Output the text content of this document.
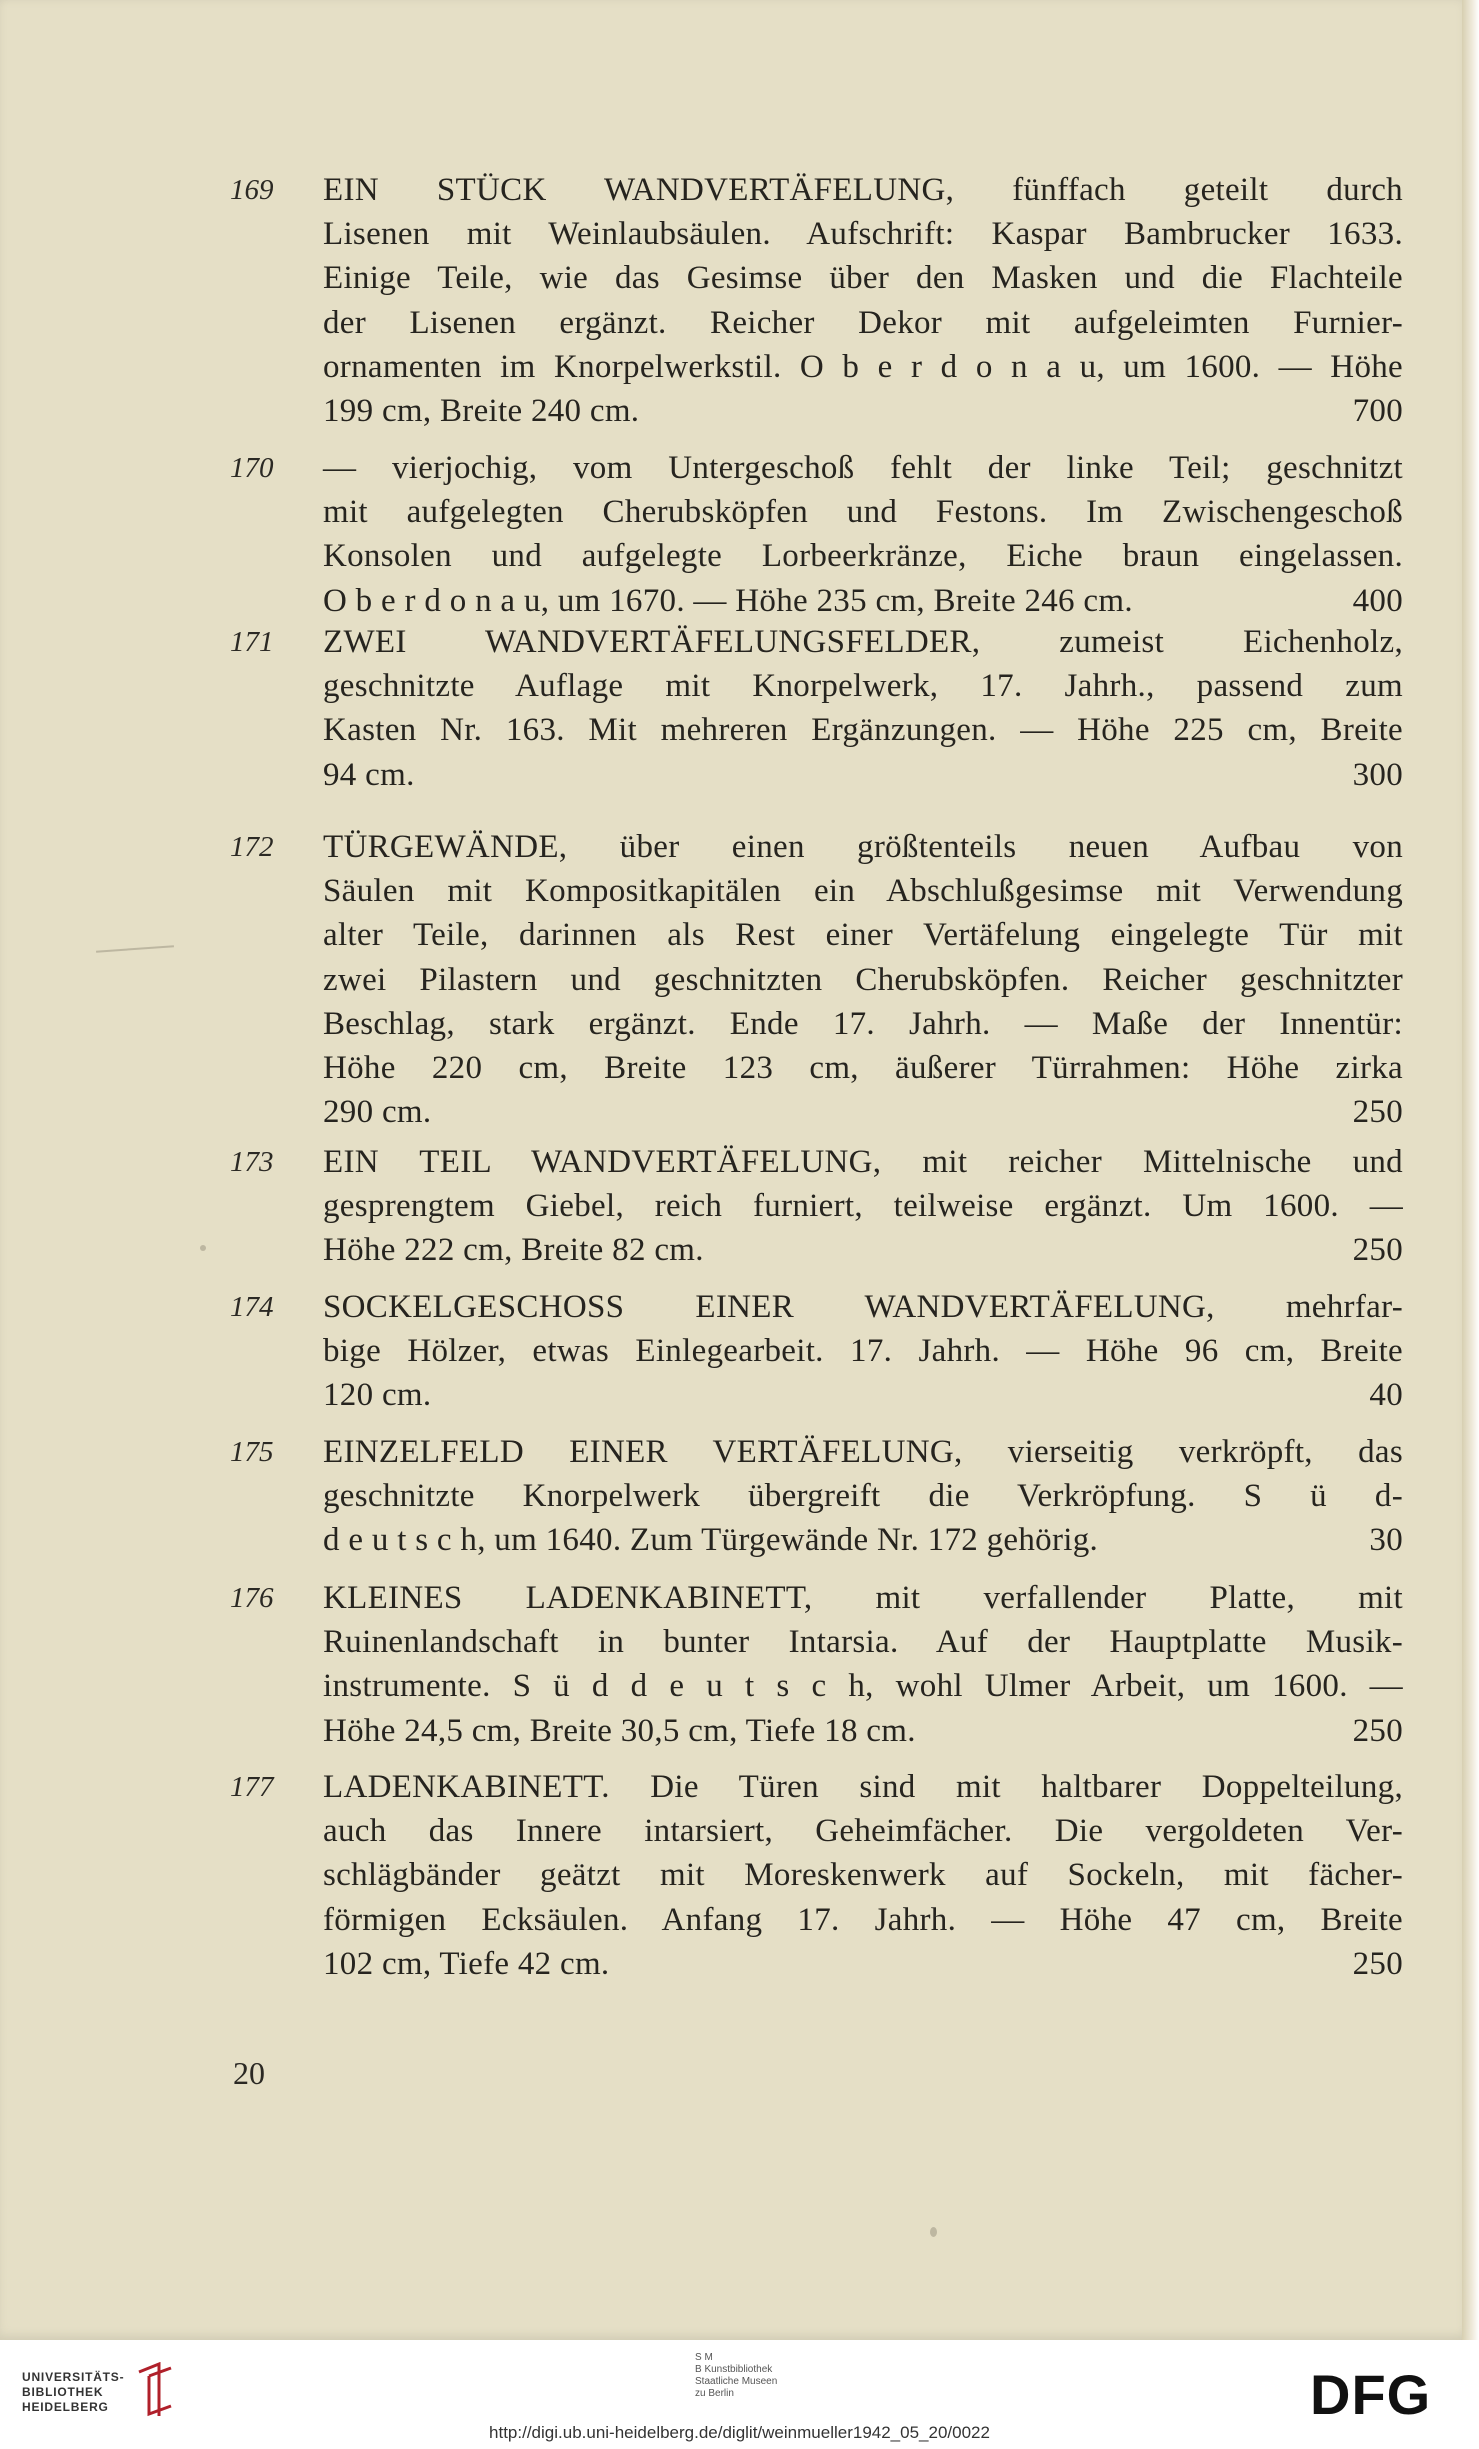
169 EIN STÜCK WANDVERTÄFELUNG, fünffach geteilt durch
Lisenen mit Weinlaubsäulen. Aufschrift: Kaspar Bambrucker 1633.
Einige Teile, wie das Gesimse über den Masken und die Flachteile
der Lisenen ergänzt. Reicher Dekor mit aufgeleimten Furnier-
ornamenten im Knorpelwerkstil. O b e r d o n a u, um 1600. — Höhe
199 cm, Breite 240 cm.	700
170 — vierjochig, vom Untergeschoß fehlt der linke Teil; geschnitzt
mit aufgelegten Cherubsköpfen und Festons. Im Zwischengeschoß
Konsolen und aufgelegte Lorbeerkränze, Eiche braun eingelassen.
O b e r d o n a u, um 1670. — Höhe 235 cm, Breite 246 cm.	400
171 ZWEI WANDVERTÄFELUNGSFELDER, zumeist Eichenholz,
geschnitzte Auflage mit Knorpelwerk, 17. Jahrh., passend zum
Kasten Nr. 163. Mit mehreren Ergänzungen. — Höhe 225 cm, Breite
94 cm.	300
172 TÜRGEWÄNDE, über einen größtenteils neuen Aufbau von
Säulen mit Kompositkapitälen ein Abschlußgesimse mit Verwendung
alter Teile, darinnen als Rest einer Vertäfelung eingelegte Tür mit
zwei Pilastern und geschnitzten Cherubsköpfen. Reicher geschnitzter
Beschlag, stark ergänzt. Ende 17. Jahrh. — Maße der Innentür:
Höhe 220 cm, Breite 123 cm, äußerer Türrahmen: Höhe zirka
290 cm.	250
173 EIN TEIL WANDVERTÄFELUNG, mit reicher Mittelnische und
gesprengtem Giebel, reich furniert, teilweise ergänzt. Um 1600. —
Höhe 222 cm, Breite 82 cm.	250
174 SOCKELGESCHOSS EINER WANDVERTÄFELUNG, mehrfar-
bige Hölzer, etwas Einlegearbeit. 17. Jahrh. — Höhe 96 cm, Breite
120 cm.	40
175 EINZELFELD EINER VERTÄFELUNG, vierseitig verkröpft, das
geschnitzte Knorpelwerk übergreift die Verkröpfung. S ü d-
d e u t s c h, um 1640. Zum Türgewände Nr. 172 gehörig.	30
176 KLEINES LADENKABINETT, mit verfallender Platte, mit
Ruinenlandschaft in bunter Intarsia. Auf der Hauptplatte Musik-
instrumente. S ü d d e u t s c h, wohl Ulmer Arbeit, um 1600. —
Höhe 24,5 cm, Breite 30,5 cm, Tiefe 18 cm.	250
177 LADENKABINETT. Die Türen sind mit haltbarer Doppelteilung,
auch das Innere intarsiert, Geheimfächer. Die vergoldeten Ver-
schlägbänder geätzt mit Moreskenwerk auf Sockeln, mit fächer-
förmigen Ecksäulen. Anfang 17. Jahrh. — Höhe 47 cm, Breite
102 cm, Tiefe 42 cm.	250
20
UNIVERSITÄTS-
BIBLIOTHEK
HEIDELBERG
S M
B Kunstbibliothek
Staatliche Museen
zu Berlin	DFG
http://digi.ub.uni-heidelberg.de/diglit/weinmueller1942_05_20/0022
